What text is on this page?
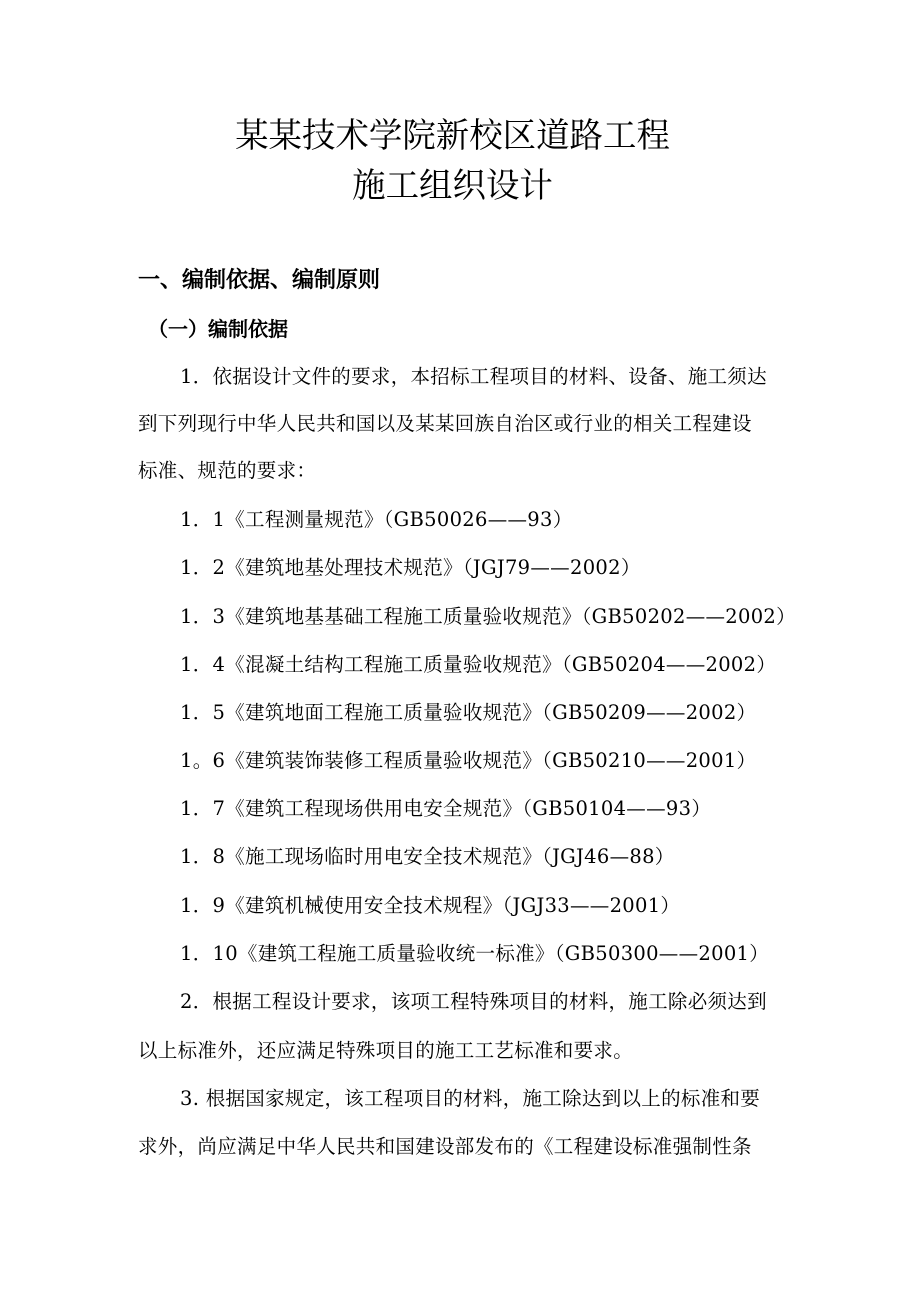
某某技术学院新校区道路工程
施工组织设计
一、编制依据、编制原则
（一）编制依据
1．依据设计文件的要求，本招标工程项目的材料、设备、施工须达
到下列现行中华人民共和国以及某某回族自治区或行业的相关工程建设
标准、规范的要求：
1．1《工程测量规范》（GB50026——93）
1．2《建筑地基处理技术规范》（JGJ79——2002）
1．3《建筑地基基础工程施工质量验收规范》（GB50202——2002）
1．4《混凝土结构工程施工质量验收规范》（GB50204——2002）
1．5《建筑地面工程施工质量验收规范》（GB50209——2002）
1。6《建筑装饰装修工程质量验收规范》（GB50210——2001）
1．7《建筑工程现场供用电安全规范》（GB50104——93）
1．8《施工现场临时用电安全技术规范》（JGJ46—88）
1．9《建筑机械使用安全技术规程》（JGJ33——2001）
1．10《建筑工程施工质量验收统一标准》（GB50300——2001）
2．根据工程设计要求，该项工程特殊项目的材料，施工除必须达到
以上标准外，还应满足特殊项目的施工工艺标准和要求。
3. 根据国家规定，该工程项目的材料，施工除达到以上的标准和要
求外，尚应满足中华人民共和国建设部发布的《工程建设标准强制性条
